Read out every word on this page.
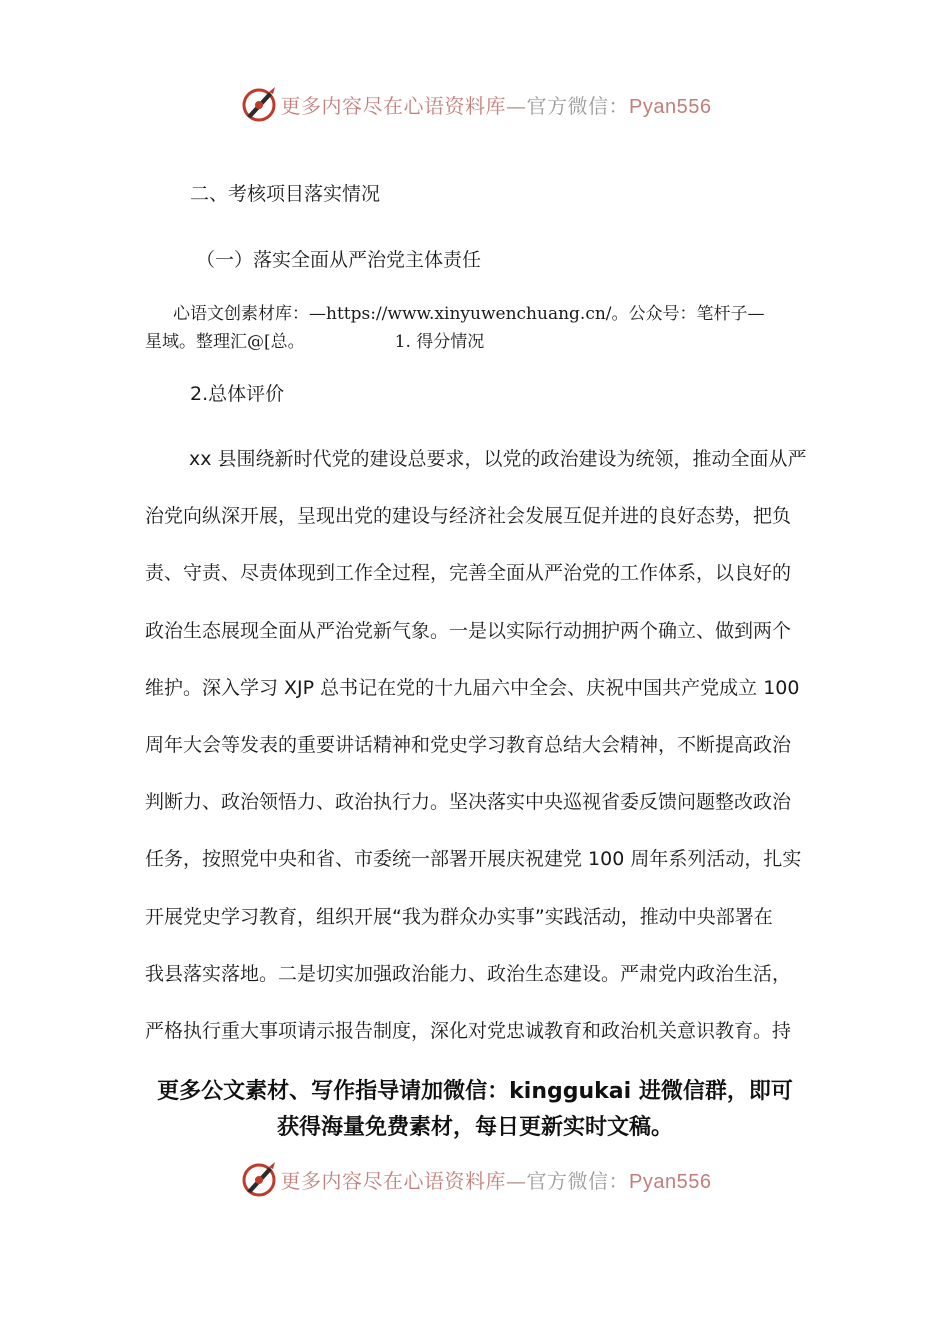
更多内容尽在心语资料库—官方微信：Pyan556
二、考核项目落实情况
（一）落实全面从严治党主体责任
心语文创素材库：—https://www.xinyuwenchuang.cn/。公众号：笔杆子—
星域。整理汇@[总。	1. 得分情况
2.总体评价
xx 县围绕新时代党的建设总要求，以党的政治建设为统领，推动全面从严
治党向纵深开展，呈现出党的建设与经济社会发展互促并进的良好态势，把负
责、守责、尽责体现到工作全过程，完善全面从严治党的工作体系，以良好的
政治生态展现全面从严治党新气象。一是以实际行动拥护两个确立、做到两个
维护。深入学习 XJP 总书记在党的十九届六中全会、庆祝中国共产党成立 100
周年大会等发表的重要讲话精神和党史学习教育总结大会精神，不断提高政治
判断力、政治领悟力、政治执行力。坚决落实中央巡视省委反馈问题整改政治
任务，按照党中央和省、市委统一部署开展庆祝建党 100 周年系列活动，扎实
开展党史学习教育，组织开展“我为群众办实事”实践活动，推动中央部署在
我县落实落地。二是切实加强政治能力、政治生态建设。严肃党内政治生活，
严格执行重大事项请示报告制度，深化对党忠诚教育和政治机关意识教育。持
更多公文素材、写作指导请加微信：kinggukai 进微信群，即可
获得海量免费素材，每日更新实时文稿。
更多内容尽在心语资料库—官方微信：Pyan556
